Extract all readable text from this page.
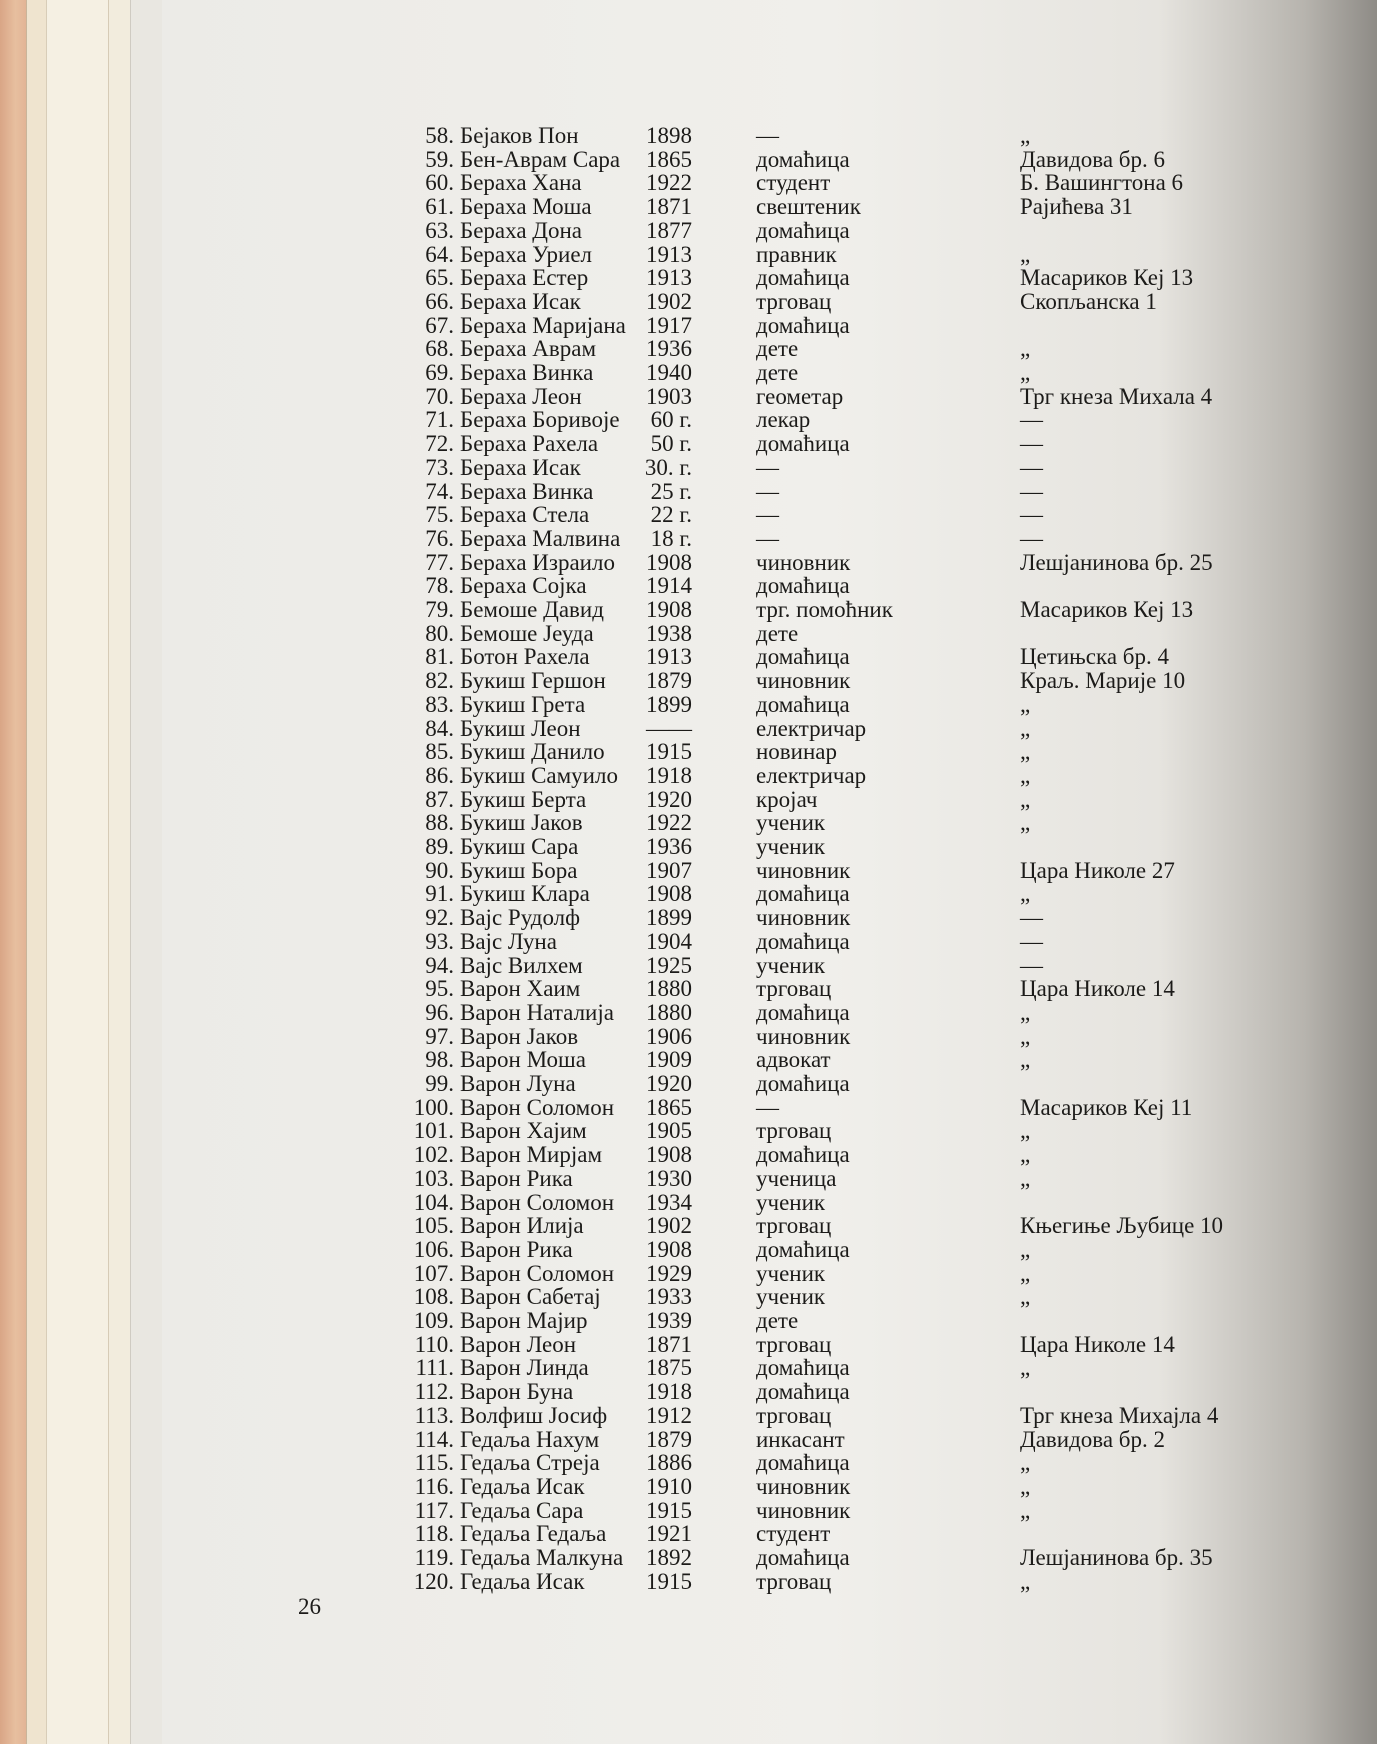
58. Бејаков Пон	1898	—	„
59. Бен-Аврам Сара	1865	домаћица	Давидова бр. 6
60. Бераха Хана	1922	студент	Б. Вашингтона 6
61. Бераха Моша	1871	свештеник	Рајићева 31
63. Бераха Дона	1877	домаћица
64. Бераха Уриел	1913	правник	„
65. Бераха Естер	1913	домаћица	Масариков Кеј 13
66. Бераха Исак	1902	трговац	Скопљанска 1
67. Бераха Маријана 1917	домаћица
68. Бераха Аврам	1936	дете	„
69. Бераха Винка	1940	дете	„
70. Бераха Леон	1903	геометар	Трг кнеза Михала 4
71. Бераха Боривоје	60 г.	лекар	—
72. Бераха Рахела	50 г.	домаћица	—
73. Бераха Исак	30. г.	—	—
74. Бераха Винка	25 г.	—	—
75. Бераха Стела	22 г.	—	—
76. Бераха Малвина	18 г.	—	—
77. Бераха Израило	1908	чиновник	Лешјанинова бр. 25
78. Бераха Сојка	1914	домаћица
79. Бемоше Давид	1908	трг. помоћник	Масариков Кеј 13
80. Бемоше Јеуда	1938	дете
81. Ботон Рахела	1913	домаћица	Цетињска бр. 4
82. Букиш Гершон	1879	чиновник	Краљ. Марије 10
83. Букиш Грета	1899	домаћица	„
84. Букиш Леон	——	електричар	„
85. Букиш Данило	1915	новинар	„
86. Букиш Самуило	1918	електричар	„
87. Букиш Берта	1920	кројач	„
88. Букиш Јаков	1922	ученик	„
89. Букиш Сара	1936	ученик
90. Букиш Бора	1907	чиновник	Цара Николе 27
91. Букиш Клара	1908	домаћица	„
92. Вајс Рудолф	1899	чиновник	—
93. Вајс Луна	1904	домаћица	—
94. Вајс Вилхем	1925	ученик	—
95. Варон Хаим	1880	трговац	Цара Николе 14
96. Варон Наталија	1880	домаћица	„
97. Варон Јаков	1906	чиновник	„
98. Варон Моша	1909	адвокат	„
99. Варон Луна	1920	домаћица
100. Варон Соломон	1865	—	Масариков Кеј 11
101. Варон Хајим	1905	трговац	„
102. Варон Мирјам	1908	домаћица	„
103. Варон Рика	1930	ученица	„
104. Варон Соломон	1934	ученик
105. Варон Илија	1902	трговац	Књегиње Љубице 10
106. Варон Рика	1908	домаћица	„
107. Варон Соломон	1929	ученик	„
108. Варон Сабетај	1933	ученик	„
109. Варон Мајир	1939	дете
110. Варон Леон	1871	трговац	Цара Николе 14
111. Варон Линда	1875	домаћица	„
112. Варон Буна	1918	домаћица
113. Волфиш Јосиф	1912	трговац	Трг кнеза Михајла 4
114. Гедаља Нахум	1879	инкасант	Давидова бр. 2
115. Гедаља Стреја	1886	домаћица	„
116. Гедаља Исак	1910	чиновник	„
117. Гедаља Сара	1915	чиновник	„
118. Гедаља Гедаља	1921	студент
119. Гедаља Малкуна 1892	домаћица	Лешјанинова бр. 35
120. Гедаља Исак	1915	трговац	„
26
